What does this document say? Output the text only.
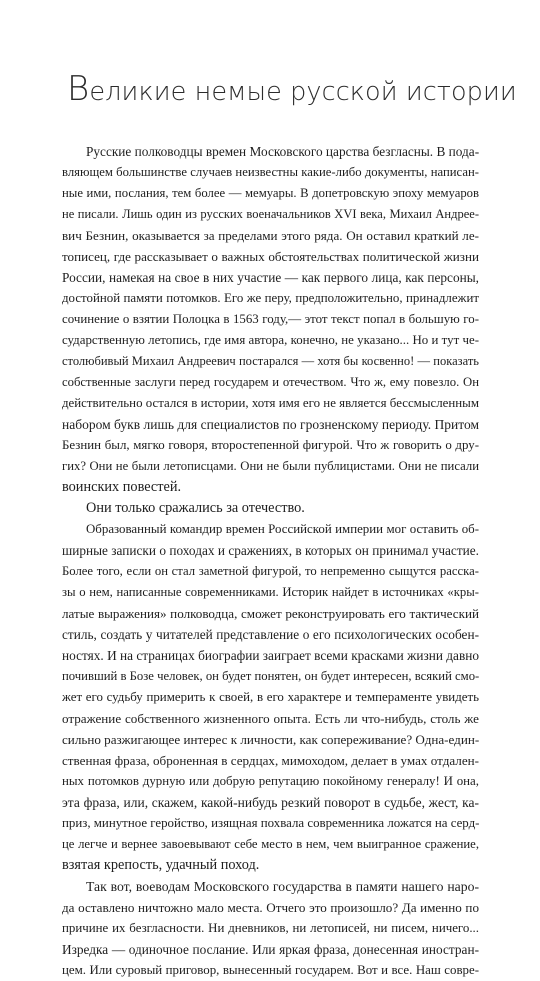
Великие немые русской истории
Русские полководцы времен Московского царства безгласны. В пода-
вляющем большинстве случаев неизвестны какие-либо документы, написан-
ные ими, послания, тем более — мемуары. В допетровскую эпоху мемуаров
не писали. Лишь один из русских военачальников XVI века, Михаил Андрее-
вич Безнин, оказывается за пределами этого ряда. Он оставил краткий ле-
тописец, где рассказывает о важных обстоятельствах политической жизни
России, намекая на свое в них участие — как первого лица, как персоны,
достойной памяти потомков. Его же перу, предположительно, принадлежит
сочинение о взятии Полоцка в 1563 году,— этот текст попал в большую го-
сударственную летопись, где имя автора, конечно, не указано... Но и тут че-
столюбивый Михаил Андреевич постарался — хотя бы косвенно! — показать
собственные заслуги перед государем и отечеством. Что ж, ему повезло. Он
действительно остался в истории, хотя имя его не является бессмысленным
набором букв лишь для специалистов по грозненскому периоду. Притом
Безнин был, мягко говоря, второстепенной фигурой. Что ж говорить о дру-
гих? Они не были летописцами. Они не были публицистами. Они не писали
воинских повестей.
Они только сражались за отечество.
Образованный командир времен Российской империи мог оставить об-
ширные записки о походах и сражениях, в которых он принимал участие.
Более того, если он стал заметной фигурой, то непременно сыщутся расска-
зы о нем, написанные современниками. Историк найдет в источниках «кры-
латые выражения» полководца, сможет реконструировать его тактический
стиль, создать у читателей представление о его психологических особен-
ностях. И на страницах биографии заиграет всеми красками жизни давно
почивший в Бозе человек, он будет понятен, он будет интересен, всякий смо-
жет его судьбу примерить к своей, в его характере и темпераменте увидеть
отражение собственного жизненного опыта. Есть ли что-нибудь, столь же
сильно разжигающее интерес к личности, как сопереживание? Одна-един-
ственная фраза, оброненная в сердцах, мимоходом, делает в умах отдален-
ных потомков дурную или добрую репутацию покойному генералу! И она,
эта фраза, или, скажем, какой-нибудь резкий поворот в судьбе, жест, ка-
приз, минутное геройство, изящная похвала современника ложатся на серд-
це легче и вернее завоевывают себе место в нем, чем выигранное сражение,
взятая крепость, удачный поход.
Так вот, воеводам Московского государства в памяти нашего наро-
да оставлено ничтожно мало места. Отчего это произошло? Да именно по
причине их безгласности. Ни дневников, ни летописей, ни писем, ничего...
Изредка — одиночное послание. Или яркая фраза, донесенная иностран-
цем. Или суровый приговор, вынесенный государем. Вот и все. Наш совре-
